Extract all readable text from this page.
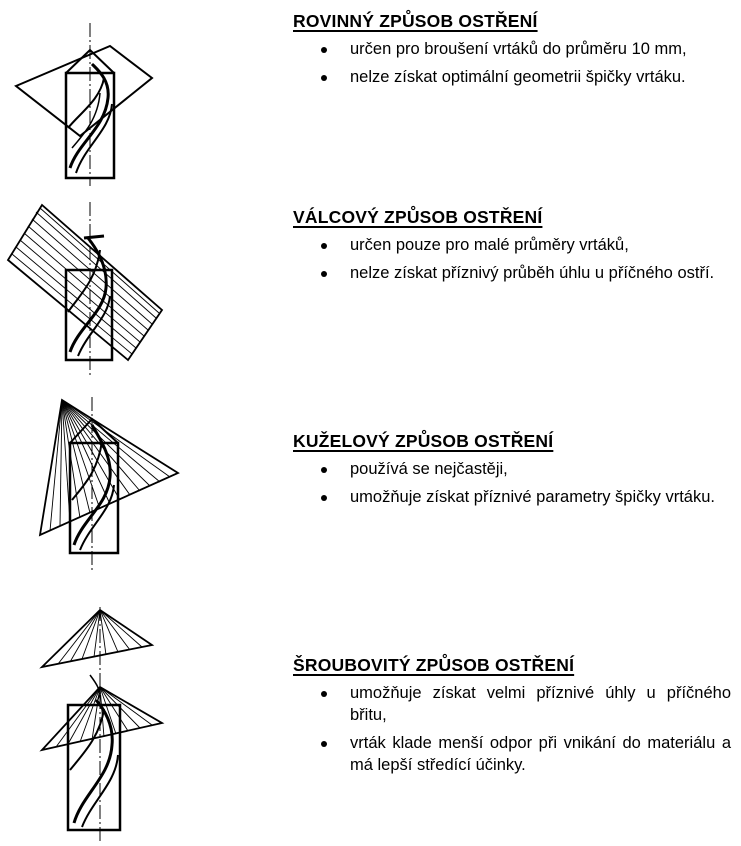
ROVINNÝ ZPŮSOB OSTŘENÍ
určen pro broušení vrtáků do průměru 10 mm,
nelze získat optimální geometrii špičky vrtáku.
VÁLCOVÝ ZPŮSOB OSTŘENÍ
určen pouze pro malé průměry vrtáků,
nelze získat příznivý průběh úhlu u příčného ostří.
KUŽELOVÝ ZPŮSOB OSTŘENÍ
používá se nejčastěji,
umožňuje získat příznivé parametry špičky vrtáku.
ŠROUBOVITÝ ZPŮSOB OSTŘENÍ
umožňuje získat velmi příznivé úhly u příčného břitu,
vrták klade menší odpor při vnikání do materiálu a má lepší středící účinky.
